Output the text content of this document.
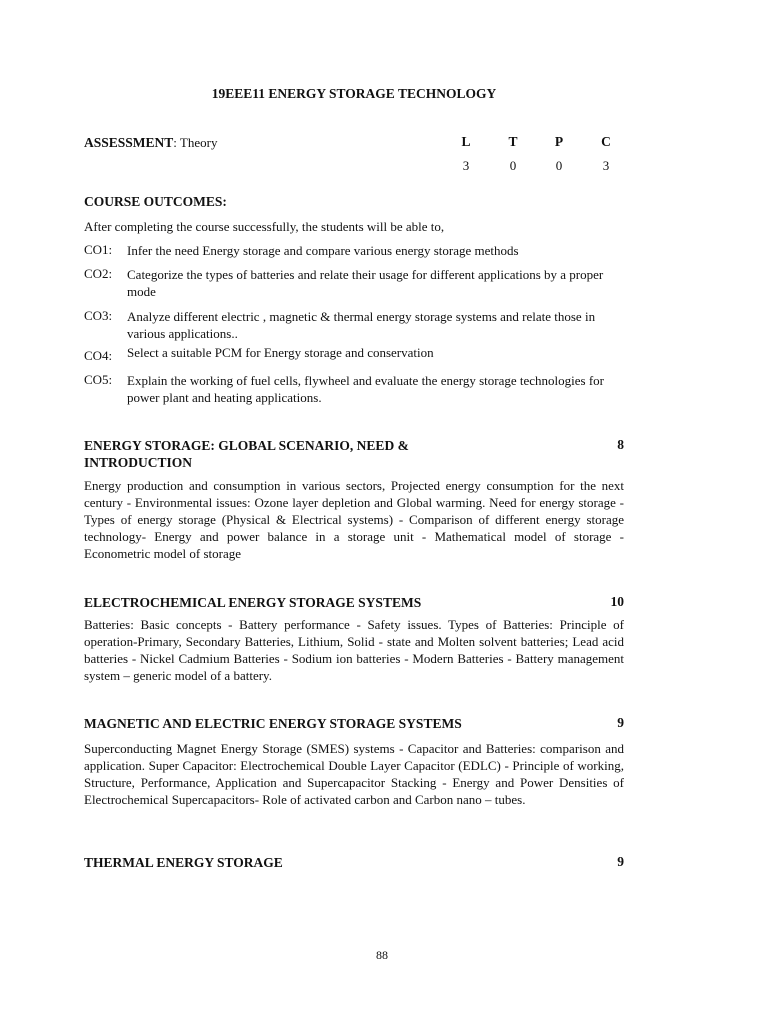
19EEE11 ENERGY STORAGE TECHNOLOGY
ASSESSMENT: Theory	L	T	P	C
3	0	0	3
COURSE OUTCOMES:
After completing the course successfully, the students will be able to,
CO1: Infer the need Energy storage and compare various energy storage methods
CO2: Categorize the types of batteries and relate their usage for different applications by a proper mode
CO3: Analyze different electric , magnetic & thermal energy storage systems and relate those in various applications..
CO4: Select a suitable PCM for Energy storage and conservation
CO5: Explain the working of fuel cells, flywheel and evaluate the energy storage technologies for power plant and heating applications.
ENERGY STORAGE: GLOBAL SCENARIO, NEED & INTRODUCTION
8
Energy production and consumption in various sectors, Projected energy consumption for the next century - Environmental issues: Ozone layer depletion and Global warming. Need for energy storage - Types of energy storage (Physical & Electrical systems) - Comparison of different energy storage technology- Energy and power balance in a storage unit - Mathematical model of storage - Econometric model of storage
ELECTROCHEMICAL ENERGY STORAGE SYSTEMS	10
Batteries: Basic concepts - Battery performance - Safety issues. Types of Batteries: Principle of operation-Primary, Secondary Batteries, Lithium, Solid - state and Molten solvent batteries; Lead acid batteries - Nickel Cadmium Batteries - Sodium ion batteries - Modern Batteries - Battery management system – generic model of a battery.
MAGNETIC AND ELECTRIC ENERGY STORAGE SYSTEMS	9
Superconducting Magnet Energy Storage (SMES) systems - Capacitor and Batteries: comparison and application. Super Capacitor: Electrochemical Double Layer Capacitor (EDLC) - Principle of working, Structure, Performance, Application and Supercapacitor Stacking - Energy and Power Densities of Electrochemical Supercapacitors- Role of activated carbon and Carbon nano – tubes.
THERMAL ENERGY STORAGE	9
88
